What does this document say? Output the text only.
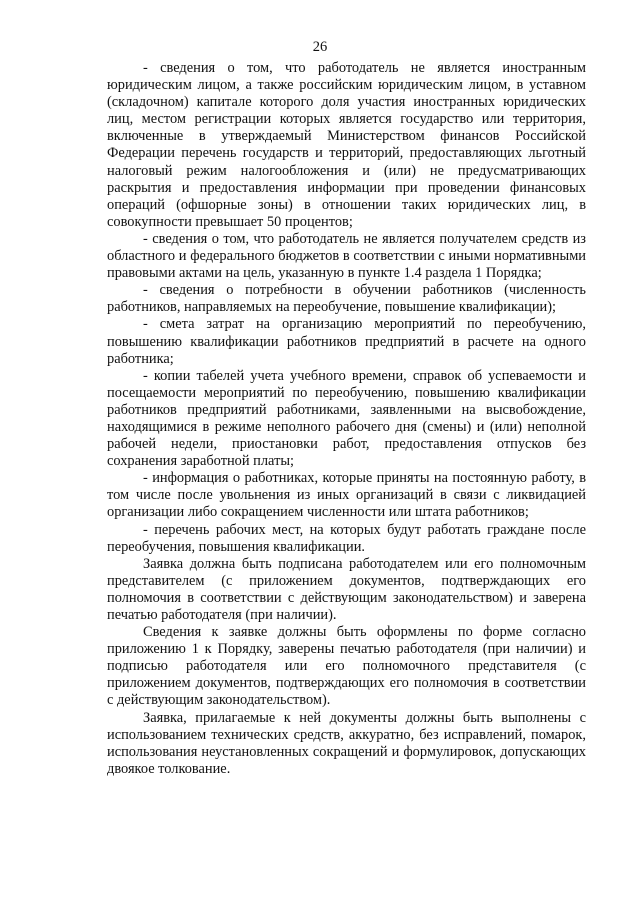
26

- сведения о том, что работодатель не является иностранным юридическим лицом, а также российским юридическим лицом, в уставном (складочном) капитале которого доля участия иностранных юридических лиц, местом регистрации которых является государство или территория, включенные в утверждаемый Министерством финансов Российской Федерации перечень государств и территорий, предоставляющих льготный налоговый режим налогообложения и (или) не предусматривающих раскрытия и предоставления информации при проведении финансовых операций (офшорные зоны) в отношении таких юридических лиц, в совокупности превышает 50 процентов;

- сведения о том, что работодатель не является получателем средств из областного и федерального бюджетов в соответствии с иными нормативными правовыми актами на цель, указанную в пункте 1.4 раздела 1 Порядка;

- сведения о потребности в обучении работников (численность работников, направляемых на переобучение, повышение квалификации);

- смета затрат на организацию мероприятий по переобучению, повышению квалификации работников предприятий в расчете на одного работника;

- копии табелей учета учебного времени, справок об успеваемости и посещаемости мероприятий по переобучению, повышению квалификации работников предприятий работниками, заявленными на высвобождение, находящимися в режиме неполного рабочего дня (смены) и (или) неполной рабочей недели, приостановки работ, предоставления отпусков без сохранения заработной платы;

- информация о работниках, которые приняты на постоянную работу, в том числе после увольнения из иных организаций в связи с ликвидацией организации либо сокращением численности или штата работников;

- перечень рабочих мест, на которых будут работать граждане после переобучения, повышения квалификации.

Заявка должна быть подписана работодателем или его полномочным представителем (с приложением документов, подтверждающих его полномочия в соответствии с действующим законодательством) и заверена печатью работодателя (при наличии).

Сведения к заявке должны быть оформлены по форме согласно приложению 1 к Порядку, заверены печатью работодателя (при наличии) и подписью работодателя или его полномочного представителя (с приложением документов, подтверждающих его полномочия в соответствии с действующим законодательством).

Заявка, прилагаемые к ней документы должны быть выполнены с использованием технических средств, аккуратно, без исправлений, помарок, использования неустановленных сокращений и формулировок, допускающих двоякое толкование.
